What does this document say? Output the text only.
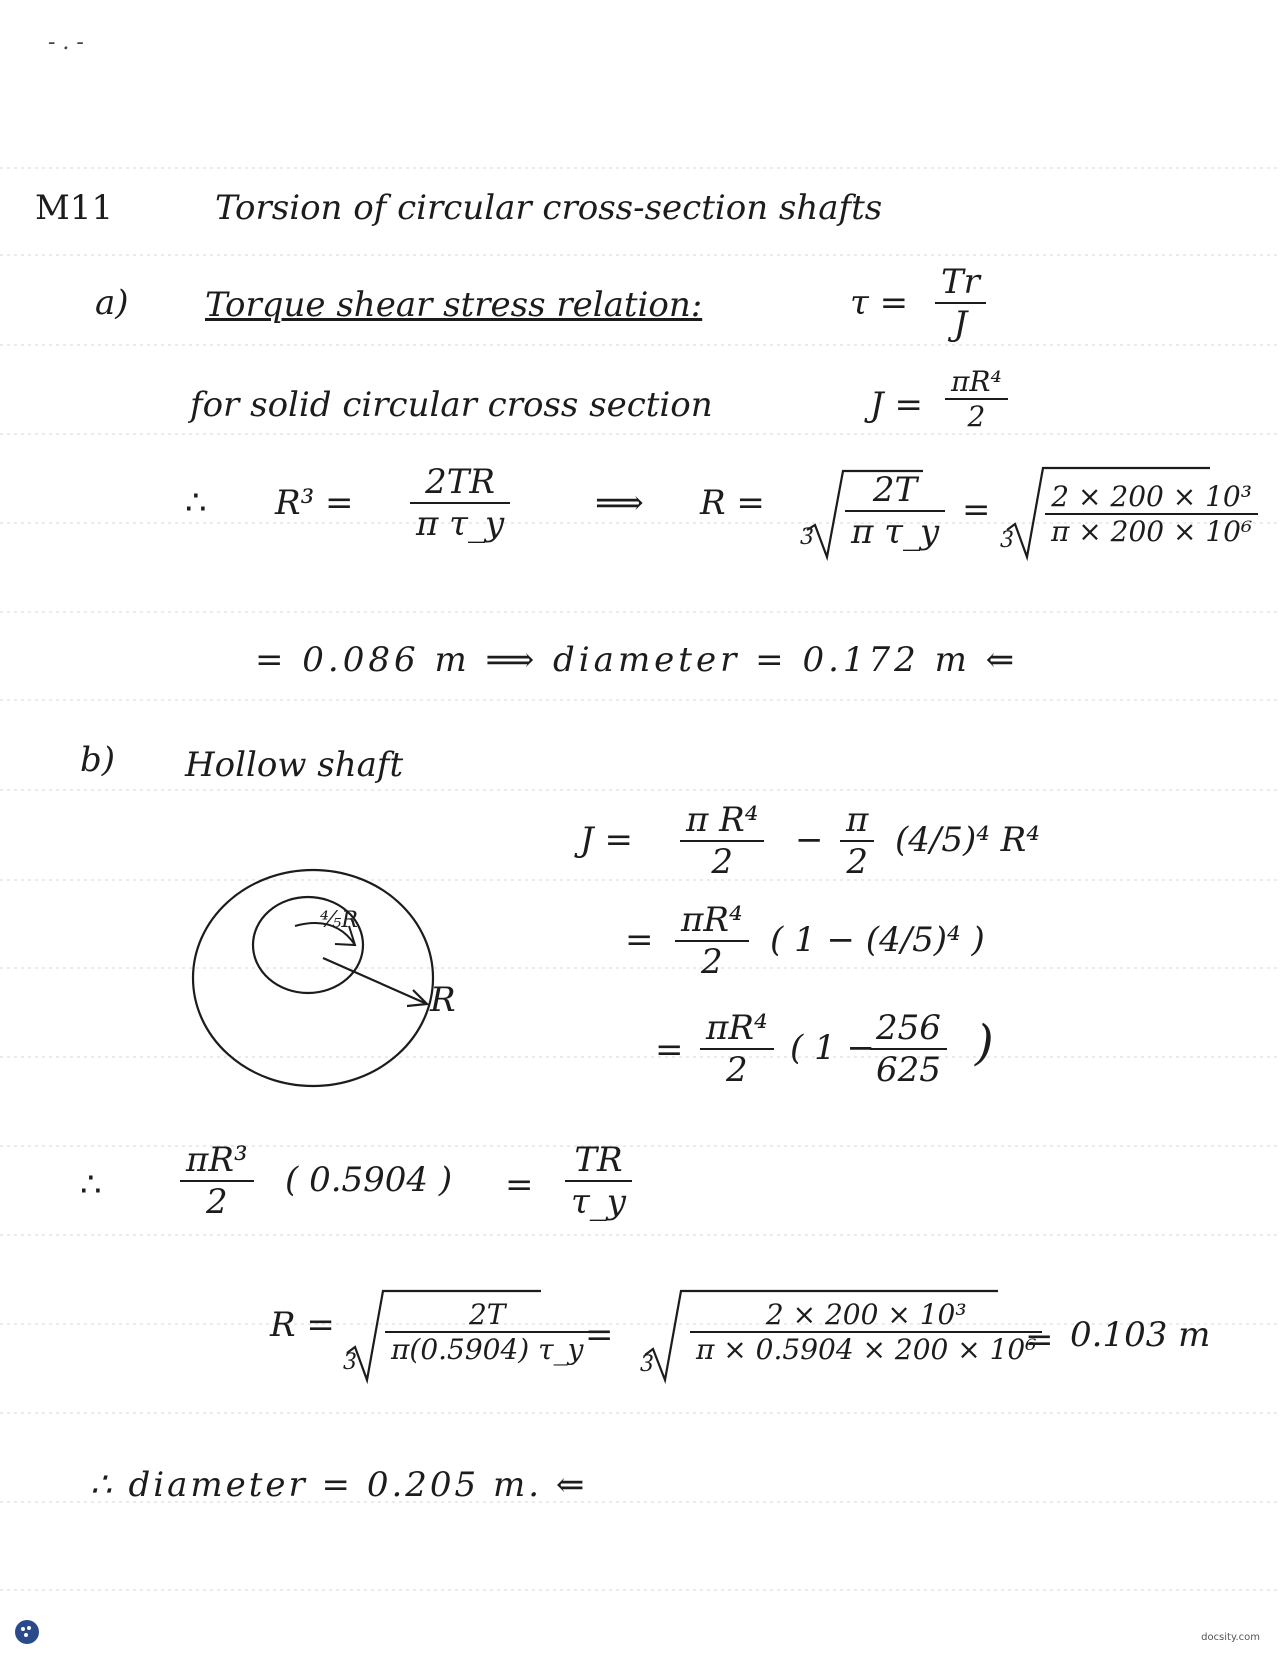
- . -
M11	Torsion of circular cross-section shafts
a) Torque shear stress relation:	$\tau = \frac{Tr}{J}$
for solid circular cross section	$J = \frac{\text{πR⁴}}{2}$
∴ $R^3 = \frac{2TR}{\text{π τ\_y}}$ ⟹ R =
$3 \frac{2T}{\text{π τ\_y}}$ =
$3 \frac{\text{2 × 200 × 10³}}{\text{π × 200 × 10⁶}}$
= 0.086 m ⟹ diameter = 0.172 m ⇐
b) Hollow shaft
$J = \frac{\text{π R⁴}}{2} - \frac{\pi}{2} (4/5)^4$ R⁴
= $\frac{\text{πR⁴}}{2}$ ( 1 − (4/5)⁴ )
= $\frac{\text{πR⁴}}{2}$ ( 1 −
$\frac{256}{625}$ )
⁴⁄₅R
R
∴ $\frac{\text{πR³}}{2}$ ( 0.5904 ) = $\frac{TR}{\tau\_y}$
R =
$3 \frac{2T}{\pi(0.5904) \tau\_y}$
=
$3 \frac{\text{2 × 200 × 10³}}{\text{π × 0.5904 × 200 × 10⁶}}$
= 0.103 m
∴ diameter = 0.205 m. ⇐
docsity.com
